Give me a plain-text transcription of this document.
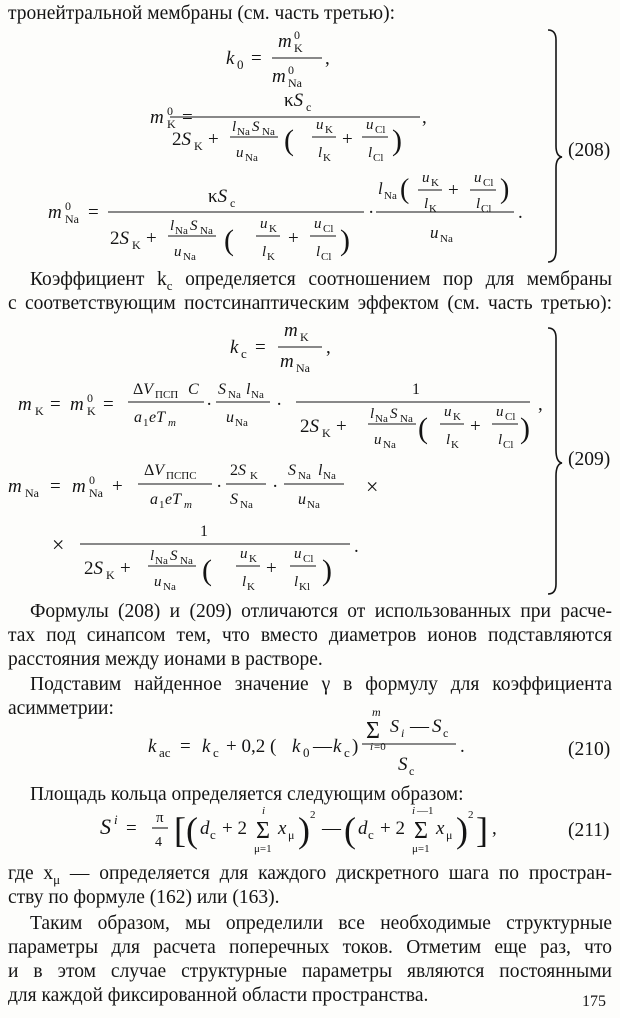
тронейтральной мембраны (см. часть третью):
Коэффициент $k_c$ определяется соотношением пор для мембраны
с соответствующим постсинаптическим эффектом (см. часть третью):
Формулы (208) и (209) отличаются от использованных при расче-
тах под синапсом тем, что вместо диаметров ионов подставляются
расстояния между ионами в растворе.
Подставим найденное значение γ в формулу для коэффициента
асимметрии:
Площадь кольца определяется следующим образом:
где $x_\mu$ — определяется для каждого дискретного шага по простран-
ству по формуле (162) или (163).
Таким образом, мы определили все необходимые структурные
параметры для расчета поперечных токов. Отметим еще раз, что
и в этом случае структурные параметры являются постоянными
для каждой фиксированной области пространства.
(208)
(209)
(210)
(211)
175
k 0 =
m 0
K
m 0
Na
,
m 0
K =
κS c
2S K +
l Na S Na
u Na
( u K
l K
+
u Cl
l Cl
)
,
m 0
Na =
κS c
2S K +
l Na S Na
u Na ( u K
l K
+
u Cl
l Cl )
·
l Na ( u K
l K
+
u Cl
l Cl
)
u Na
.
k c =
m K
m Na
,
m K = m 0
K =
ΔV ПСП C
a 1 eT m
·
S Na l Na
u Na
·
1
2S K +
l Na S Na
u Na ( u K
l K
+
u Cl
l Cl )
,
m Na = m 0
Na +
ΔV ПСПС
a 1 eT m
·
2S K
S Na
·
S Na l Na
u Na
×
×
1
2S K +
l Na S Na
u Na ( u K
l K
+
u Cl
l Kl )
.
k ас = k c + 0,2 ( k 0 — k c )
m
Σ
i =0
S i — S c
S c
.
S i = π
4 [ ( d c + 2
i
Σ
μ=1
x μ ) 2
— ( d c + 2
i —1
Σ
μ=1
x μ ) 2 ] ,
